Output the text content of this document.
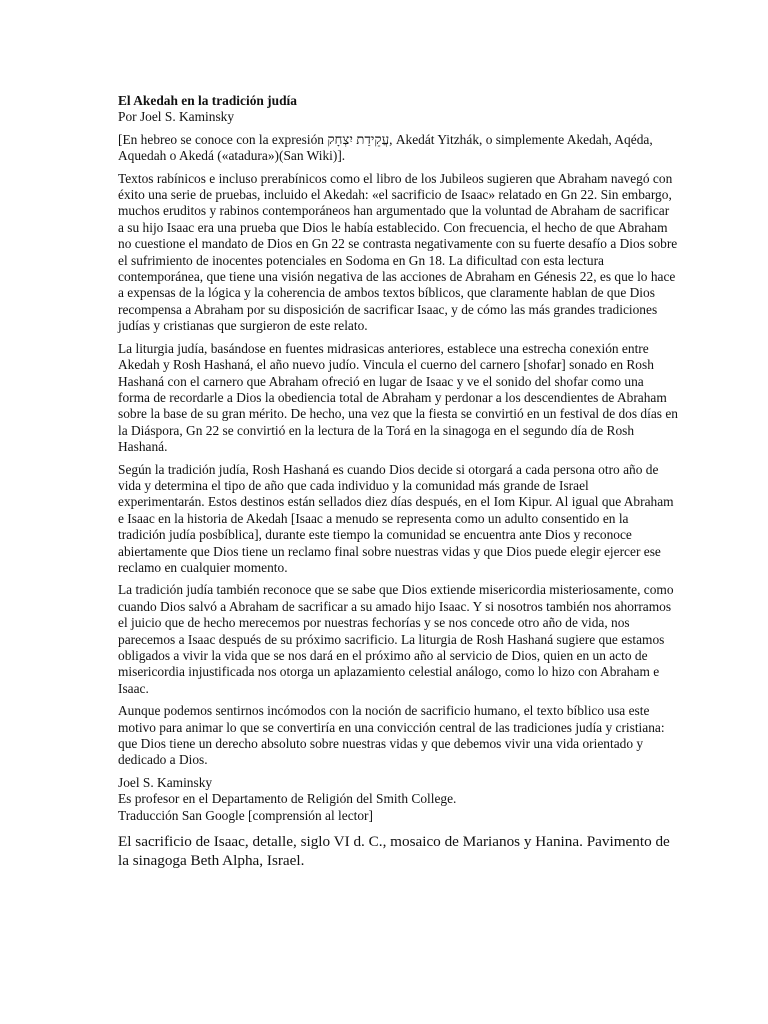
El Akedah en la tradición judía

Por Joel S. Kaminsky

[En hebreo se conoce con la expresión עֲקֵידַת יִצְחָק, Akedát Yitzhák, o simplemente Akedah, Aqéda, Aquedah o Akedá («atadura»)(San Wiki)].

Textos rabínicos e incluso prerabínicos como el libro de los Jubileos sugieren que Abraham navegó con éxito una serie de pruebas, incluido el Akedah: «el sacrificio de Isaac» relatado en Gn 22. Sin embargo, muchos eruditos y rabinos contemporáneos han argumentado que la voluntad de Abraham de sacrificar a su hijo Isaac era una prueba que Dios le había establecido. Con frecuencia, el hecho de que Abraham no cuestione el mandato de Dios en Gn 22 se contrasta negativamente con su fuerte desafío a Dios sobre el sufrimiento de inocentes potenciales en Sodoma en Gn 18. La dificultad con esta lectura contemporánea, que tiene una visión negativa de las acciones de Abraham en Génesis 22, es que lo hace a expensas de la lógica y la coherencia de ambos textos bíblicos, que claramente hablan de que Dios recompensa a Abraham por su disposición de sacrificar Isaac, y de cómo las más grandes tradiciones judías y cristianas que surgieron de este relato.

La liturgia judía, basándose en fuentes midrasicas anteriores, establece una estrecha conexión entre Akedah y Rosh Hashaná, el año nuevo judío. Vincula el cuerno del carnero [shofar] sonado en Rosh Hashaná con el carnero que Abraham ofreció en lugar de Isaac y ve el sonido del shofar como una forma de recordarle a Dios la obediencia total de Abraham y perdonar a los descendientes de Abraham sobre la base de su gran mérito. De hecho, una vez que la fiesta se convirtió en un festival de dos días en la Diáspora, Gn 22 se convirtió en la lectura de la Torá en la sinagoga en el segundo día de Rosh Hashaná.

Según la tradición judía, Rosh Hashaná es cuando Dios decide si otorgará a cada persona otro año de vida y determina el tipo de año que cada individuo y la comunidad más grande de Israel experimentarán. Estos destinos están sellados diez días después, en el Iom Kipur. Al igual que Abraham e Isaac en la historia de Akedah [Isaac a menudo se representa como un adulto consentido en la tradición judía posbíblica], durante este tiempo la comunidad se encuentra ante Dios y reconoce abiertamente que Dios tiene un reclamo final sobre nuestras vidas y que Dios puede elegir ejercer ese reclamo en cualquier momento.

La tradición judía también reconoce que se sabe que Dios extiende misericordia misteriosamente, como cuando Dios salvó a Abraham de sacrificar a su amado hijo Isaac. Y si nosotros también nos ahorramos el juicio que de hecho merecemos por nuestras fechorías y se nos concede otro año de vida, nos parecemos a Isaac después de su próximo sacrificio. La liturgia de Rosh Hashaná sugiere que estamos obligados a vivir la vida que se nos dará en el próximo año al servicio de Dios, quien en un acto de misericordia injustificada nos otorga un aplazamiento celestial análogo, como lo hizo con Abraham e Isaac.

Aunque podemos sentirnos incómodos con la noción de sacrificio humano, el texto bíblico usa este motivo para animar lo que se convertiría en una convicción central de las tradiciones judía y cristiana: que Dios tiene un derecho absoluto sobre nuestras vidas y que debemos vivir una vida orientado y dedicado a Dios.

Joel S. Kaminsky

Es profesor en el Departamento de Religión del Smith College.

Traducción San Google [comprensión al lector]

El sacrificio de Isaac, detalle, siglo VI d. C., mosaico de Marianos y Hanina. Pavimento de la sinagoga Beth Alpha, Israel.
